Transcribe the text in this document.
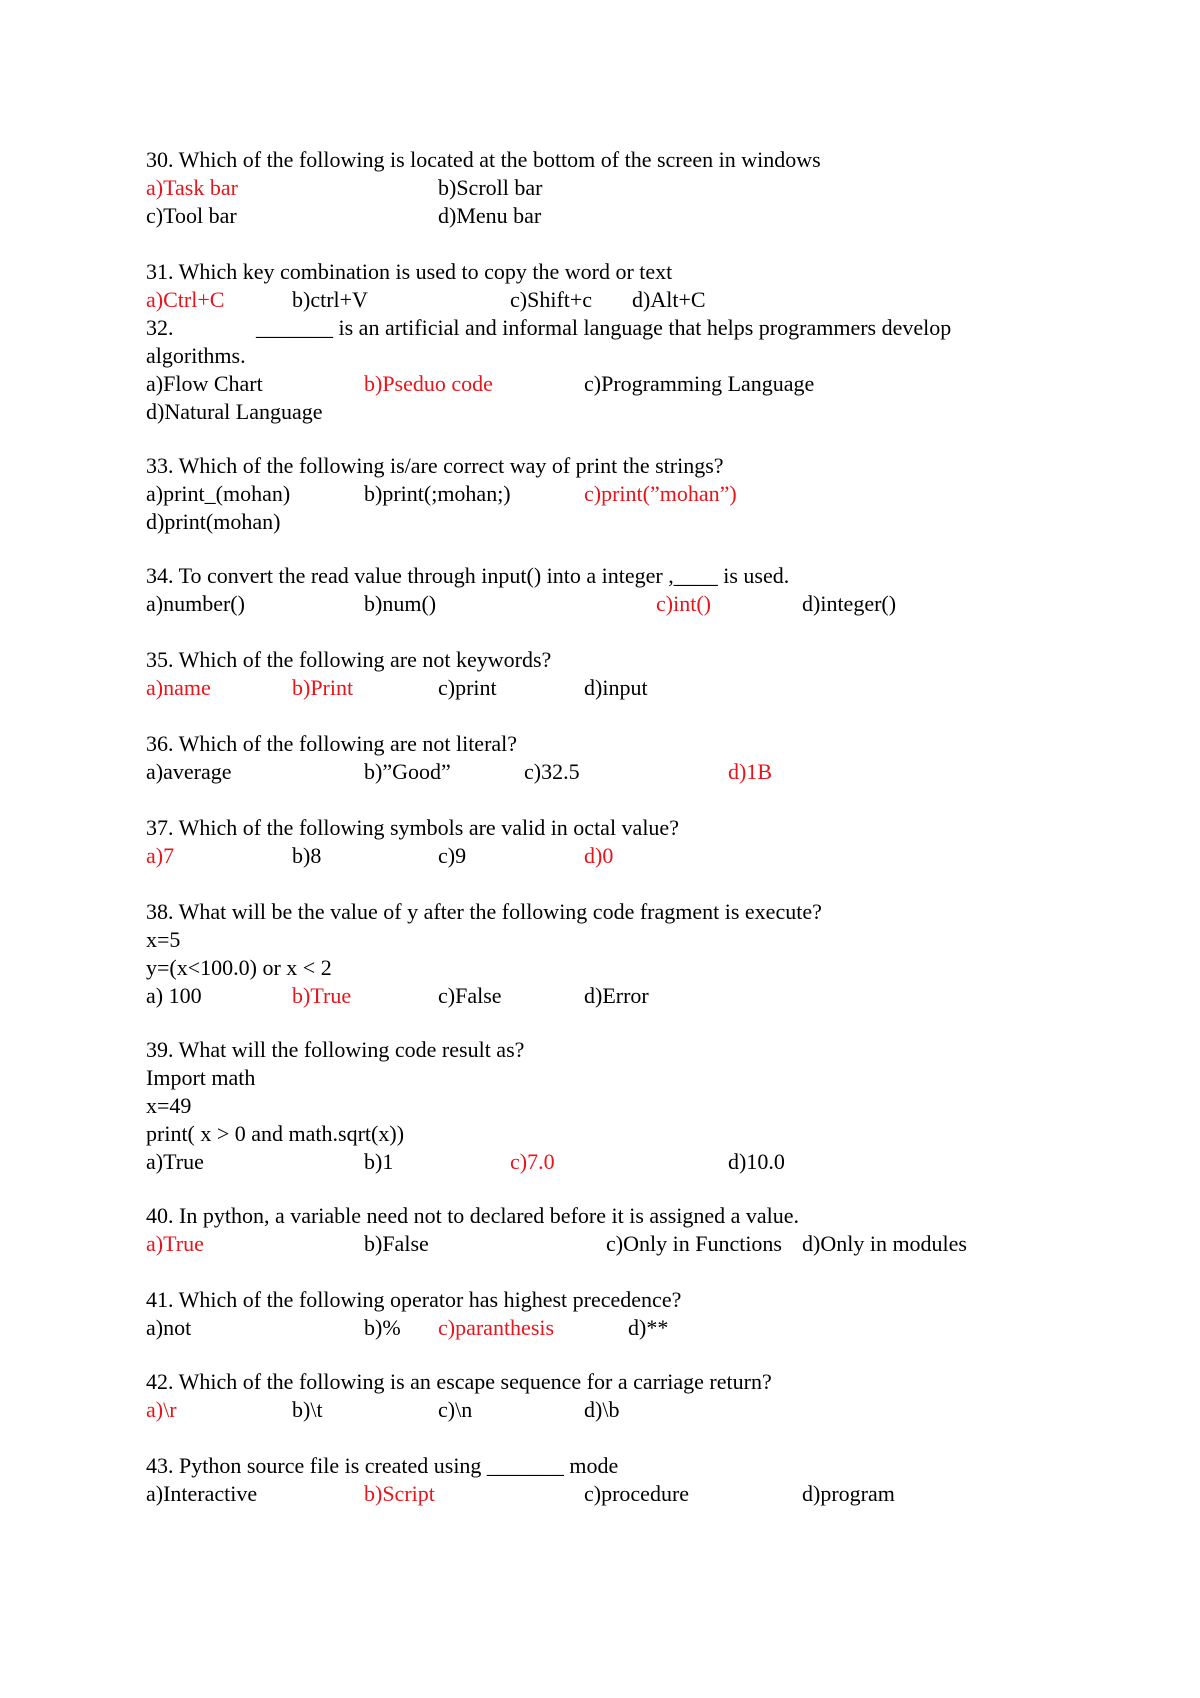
30. Which of the following is located at the bottom of the screen in windows
a)Task bar	b)Scroll bar
c)Tool bar	d)Menu bar
31. Which key combination is used to copy the word or text
a)Ctrl+C	b)ctrl+V	c)Shift+c d)Alt+C
32.	_______ is an artificial and informal language that helps programmers develop
algorithms.
a)Flow Chart	b)Pseduo code	c)Programming Language
d)Natural Language
33. Which of the following is/are correct way of print the strings?
a)print_(mohan)	b)print(;mohan;)	c)print(”mohan”)
d)print(mohan)
34. To convert the read value through input() into a integer ,____ is used.
a)number()	b)num()	c)int()	d)integer()
35. Which of the following are not keywords?
a)name	b)Print	c)print	d)input
36. Which of the following are not literal?
a)average	b)”Good”	c)32.5	d)1B
37. Which of the following symbols are valid in octal value?
a)7	b)8	c)9	d)0
38. What will be the value of y after the following code fragment is execute?
x=5
y=(x<100.0) or x < 2
a) 100	b)True	c)False	d)Error
39. What will the following code result as?
Import math
x=49
print( x > 0 and math.sqrt(x))
a)True	b)1	c)7.0	d)10.0
40. In python, a variable need not to declared before it is assigned a value.
a)True	b)False	c)Only in Functions d)Only in modules
41. Which of the following operator has highest precedence?
a)not	b)% c)paranthesis	d)**
42. Which of the following is an escape sequence for a carriage return?
a)\r	b)\t	c)\n	d)\b
43. Python source file is created using _______ mode
a)Interactive	b)Script	c)procedure	d)program
